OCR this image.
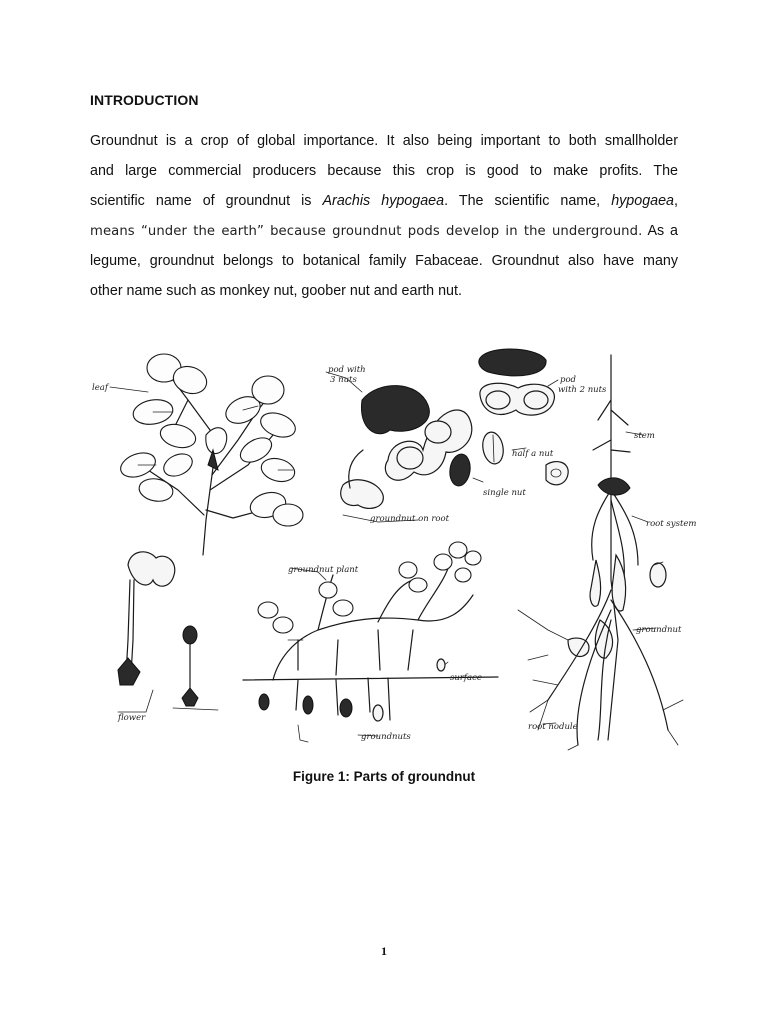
INTRODUCTION
Groundnut is a crop of global importance. It also being important to both smallholder
and large commercial producers because this crop is good to make profits. The
scientific name of groundnut is Arachis hypogaea. The scientific name, hypogaea,
means “under the earth” because groundnut pods develop in the underground. As a
legume, groundnut belongs to botanical family Fabaceae. Groundnut also have many
other name such as monkey nut, goober nut and earth nut.
leaf
pod with
3 nuts	pod
with 2 nuts
half a nut
single nut
groundnut on root
stem
root system
groundnut plant
flower
groundnuts
groundnut
root nodule
surface
Figure 1: Parts of groundnut
1
